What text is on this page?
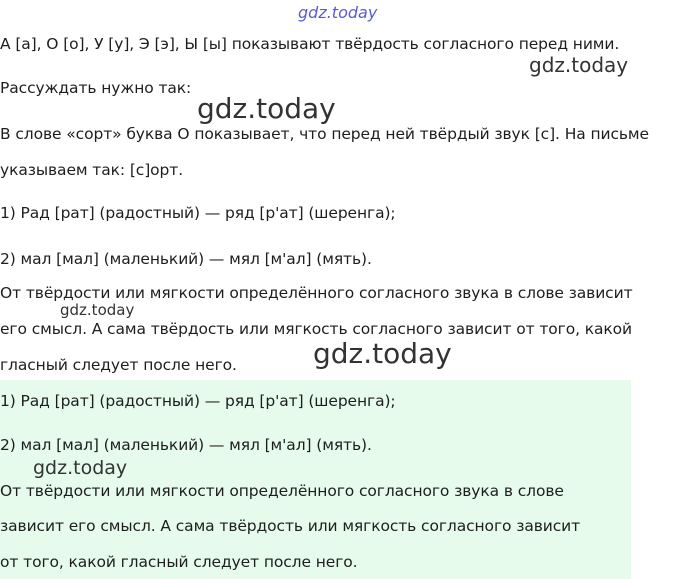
А [а], О [о], У [у], Э [э], Ы [ы] показывают твёрдость согласного перед ними.
Рассуждать нужно так:
В слове «сорт» буква О показывает, что перед ней твёрдый звук [с]. На письме
указываем так: [с]орт.
1) Рад [рат] (радостный) — ряд [р'ат] (шеренга);
2) мал [мал] (маленький) — мял [м'ал] (мять).
От твёрдости или мягкости определённого согласного звука в слове зависит
его смысл. А сама твёрдость или мягкость согласного зависит от того, какой
гласный следует после него.
1) Рад [рат] (радостный) — ряд [р'ат] (шеренга);
2) мал [мал] (маленький) — мял [м'ал] (мять).
От твёрдости или мягкости определённого согласного звука в слове
зависит его смысл. А сама твёрдость или мягкость согласного зависит
от того, какой гласный следует после него.
gdz.today
gdz.today
gdz.today
gdz.today
gdz.today
gdz.today
